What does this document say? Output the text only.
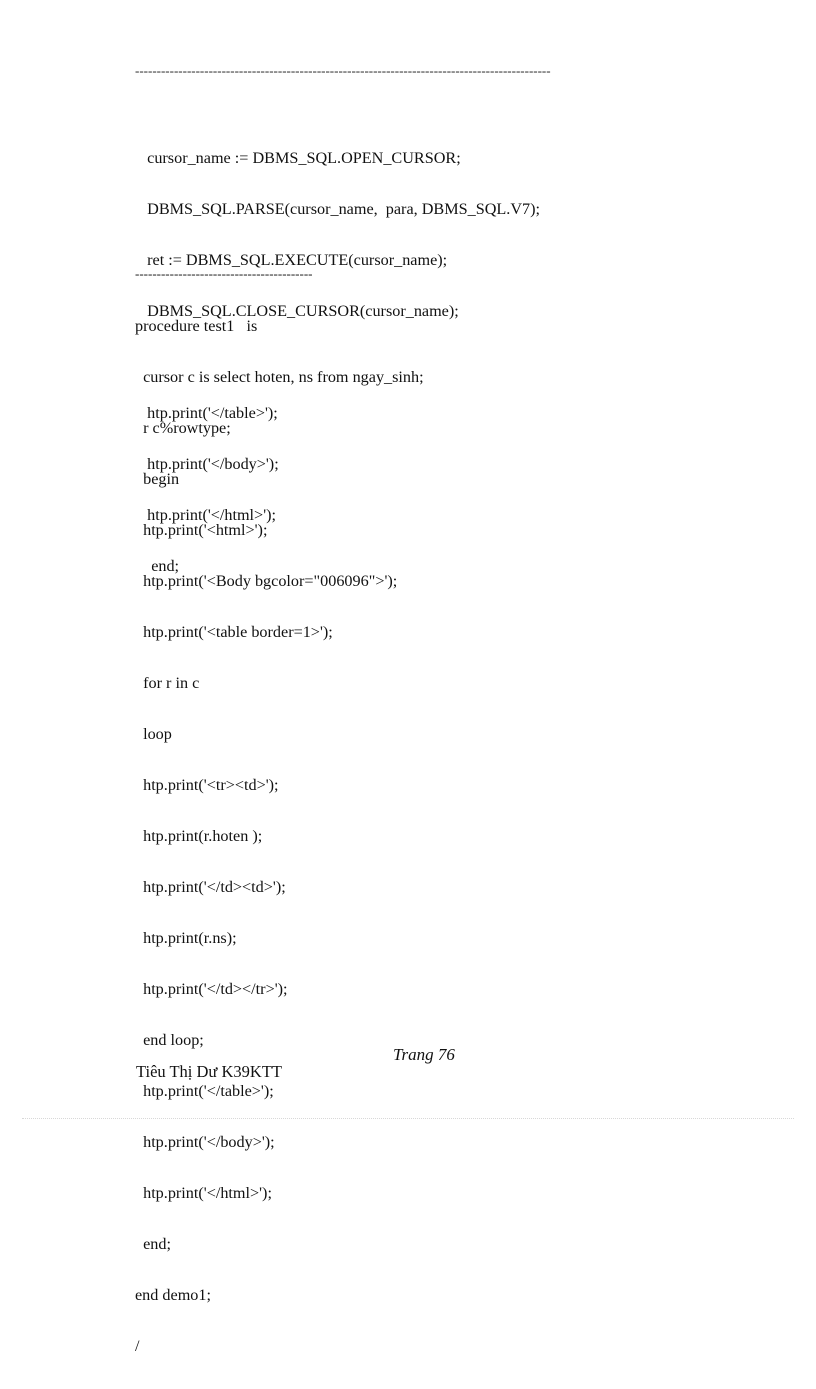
------------------------------------------------------------------------------------------------

cursor_name := DBMS_SQL.OPEN_CURSOR;

DBMS_SQL.PARSE(cursor_name,  para, DBMS_SQL.V7);

ret := DBMS_SQL.EXECUTE(cursor_name);

DBMS_SQL.CLOSE_CURSOR(cursor_name);

htp.print('</table>');

htp.print('</body>');

htp.print('</html>');

end;

-----------------------------------------

procedure test1   is

cursor c is select hoten, ns from ngay_sinh;

r c%rowtype;

begin

htp.print('<html>');

htp.print('<Body bgcolor="006096">');

htp.print('<table border=1>');

for r in c

loop

htp.print('<tr><td>');

htp.print(r.hoten );

htp.print('</td><td>');

htp.print(r.ns);

htp.print('</td></tr>');

end loop;

htp.print('</table>');

htp.print('</body>');

htp.print('</html>');

end;

end demo1;

/

Trang 76
Tiêu Thị Dư K39KTT
